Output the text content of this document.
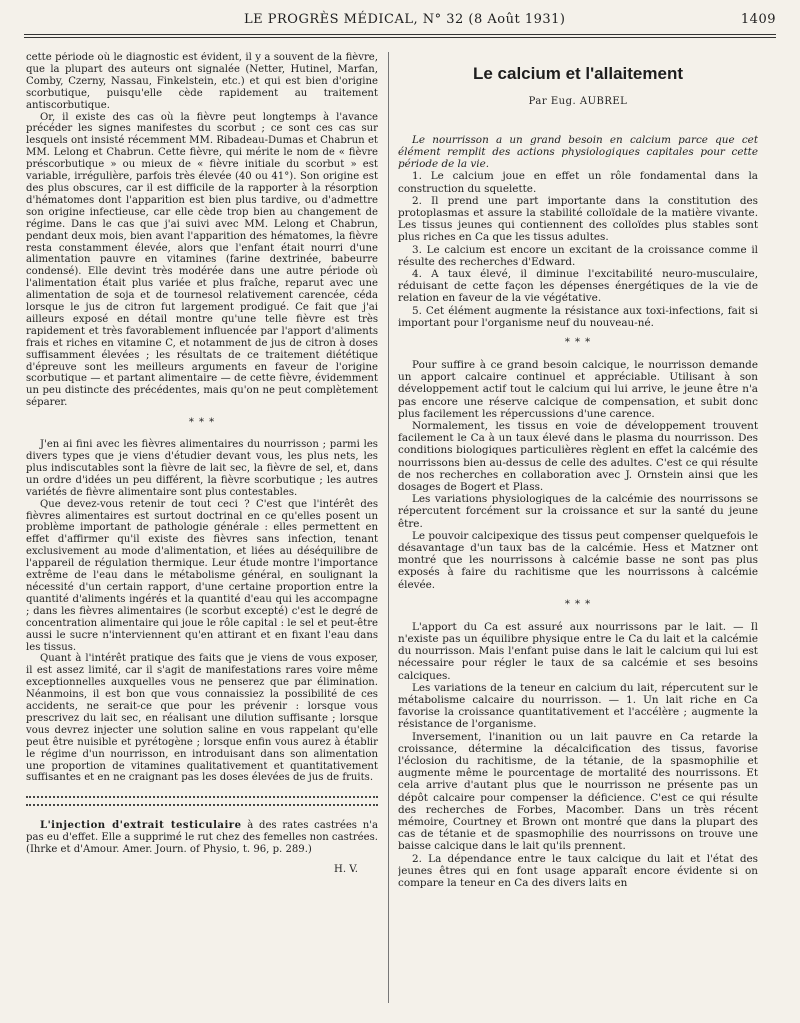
LE PROGRÈS MÉDICAL, N° 32 (8 Août 1931)	1409

cette période où le diagnostic est évident, il y a souvent de la fièvre, que la plupart des auteurs ont signalée (Netter, Hutinel, Marfan, Comby, Czerny, Nassau, Finkelstein, etc.) et qui est bien d'origine scorbutique, puisqu'elle cède rapidement au traitement antiscorbutique.

Or, il existe des cas où la fièvre peut longtemps à l'avance précéder les signes manifestes du scorbut ; ce sont ces cas sur lesquels ont insisté récemment MM. Ribadeau-Dumas et Chabrun et MM. Lelong et Chabrun. Cette fièvre, qui mérite le nom de « fièvre préscorbutique » ou mieux de « fièvre initiale du scorbut » est variable, irrégulière, parfois très élevée (40 ou 41°). Son origine est des plus obscures, car il est difficile de la rapporter à la résorption d'hématomes dont l'apparition est bien plus tardive, ou d'admettre son origine infectieuse, car elle cède trop bien au changement de régime. Dans le cas que j'ai suivi avec MM. Lelong et Chabrun, pendant deux mois, bien avant l'apparition des hématomes, la fièvre resta constamment élevée, alors que l'enfant était nourri d'une alimentation pauvre en vitamines (farine dextrinée, babeurre condensé). Elle devint très modérée dans une autre période où l'alimentation était plus variée et plus fraîche, reparut avec une alimentation de soja et de tournesol relativement carencée, céda lorsque le jus de citron fut largement prodigué. Ce fait que j'ai ailleurs exposé en détail montre qu'une telle fièvre est très rapidement et très favorablement influencée par l'apport d'aliments frais et riches en vitamine C, et notamment de jus de citron à doses suffisamment élevées ; les résultats de ce traitement diététique d'épreuve sont les meilleurs arguments en faveur de l'origine scorbutique — et partant alimentaire — de cette fièvre, évidemment un peu distincte des précédentes, mais qu'on ne peut complètement séparer.

* * *

J'en ai fini avec les fièvres alimentaires du nourrisson ; parmi les divers types que je viens d'étudier devant vous, les plus nets, les plus indiscutables sont la fièvre de lait sec, la fièvre de sel, et, dans un ordre d'idées un peu différent, la fièvre scorbutique ; les autres variétés de fièvre alimentaire sont plus contestables.

Que devez-vous retenir de tout ceci ? C'est que l'intérêt des fièvres alimentaires est surtout doctrinal en ce qu'elles posent un problème important de pathologie générale : elles permettent en effet d'affirmer qu'il existe des fièvres sans infection, tenant exclusivement au mode d'alimentation, et liées au déséquilibre de l'appareil de régulation thermique. Leur étude montre l'importance extrême de l'eau dans le métabolisme général, en soulignant la nécessité d'un certain rapport, d'une certaine proportion entre la quantité d'aliments ingérés et la quantité d'eau qui les accompagne ; dans les fièvres alimentaires (le scorbut excepté) c'est le degré de concentration alimentaire qui joue le rôle capital : le sel et peut-être aussi le sucre n'interviennent qu'en attirant et en fixant l'eau dans les tissus.

Quant à l'intérêt pratique des faits que je viens de vous exposer, il est assez limité, car il s'agit de manifestations rares voire même exceptionnelles auxquelles vous ne penserez que par élimination. Néanmoins, il est bon que vous connaissiez la possibilité de ces accidents, ne serait-ce que pour les prévenir : lorsque vous prescrivez du lait sec, en réalisant une dilution suffisante ; lorsque vous devrez injecter une solution saline en vous rappelant qu'elle peut être nuisible et pyrétogène ; lorsque enfin vous aurez à établir le régime d'un nourrisson, en introduisant dans son alimentation une proportion de vitamines qualitativement et quantitativement suffisantes et en ne craignant pas les doses élevées de jus de fruits.

L'injection d'extrait testiculaire à des rates castrées n'a pas eu d'effet. Elle a supprimé le rut chez des femelles non castrées. (Ihrke et d'Amour. Amer. Journ. of Physio, t. 96, p. 289.)

H. V.
Le calcium et l'allaitement
Par Eug. AUBREL

Le nourrisson a un grand besoin en calcium parce que cet élément remplit des actions physiologiques capitales pour cette période de la vie.

1. Le calcium joue en effet un rôle fondamental dans la construction du squelette.

2. Il prend une part importante dans la constitution des protoplasmas et assure la stabilité colloïdale de la matière vivante. Les tissus jeunes qui contiennent des colloïdes plus stables sont plus riches en Ca que les tissus adultes.

3. Le calcium est encore un excitant de la croissance comme il résulte des recherches d'Edward.

4. A taux élevé, il diminue l'excitabilité neuro-musculaire, réduisant de cette façon les dépenses énergétiques de la vie de relation en faveur de la vie végétative.

5. Cet élément augmente la résistance aux toxi-infections, fait si important pour l'organisme neuf du nouveau-né.

* * *

Pour suffire à ce grand besoin calcique, le nourrisson demande un apport calcaire continuel et appréciable. Utilisant à son développement actif tout le calcium qui lui arrive, le jeune être n'a pas encore une réserve calcique de compensation, et subit donc plus facilement les répercussions d'une carence.

Normalement, les tissus en voie de développement trouvent facilement le Ca à un taux élevé dans le plasma du nourrisson. Des conditions biologiques particulières règlent en effet la calcémie des nourrissons bien au-dessus de celle des adultes. C'est ce qui résulte de nos recherches en collaboration avec J. Ornstein ainsi que les dosages de Bogert et Plass.

Les variations physiologiques de la calcémie des nourrissons se répercutent forcément sur la croissance et sur la santé du jeune être.

Le pouvoir calcipexique des tissus peut compenser quelquefois le désavantage d'un taux bas de la calcémie. Hess et Matzner ont montré que les nourrissons à calcémie basse ne sont pas plus exposés à faire du rachitisme que les nourrissons à calcémie élevée.

* * *

L'apport du Ca est assuré aux nourrissons par le lait. — Il n'existe pas un équilibre physique entre le Ca du lait et la calcémie du nourrisson. Mais l'enfant puise dans le lait le calcium qui lui est nécessaire pour régler le taux de sa calcémie et ses besoins calciques.

Les variations de la teneur en calcium du lait, répercutent sur le métabolisme calcaire du nourrisson. — 1. Un lait riche en Ca favorise la croissance quantitativement et l'accélère ; augmente la résistance de l'organisme.

Inversement, l'inanition ou un lait pauvre en Ca retarde la croissance, détermine la décalcification des tissus, favorise l'éclosion du rachitisme, de la tétanie, de la spasmophilie et augmente même le pourcentage de mortalité des nourrissons. Et cela arrive d'autant plus que le nourrisson ne présente pas un dépôt calcaire pour compenser la déficience. C'est ce qui résulte des recherches de Forbes, Macomber. Dans un très récent mémoire, Courtney et Brown ont montré que dans la plupart des cas de tétanie et de spasmophilie des nourrissons on trouve une baisse calcique dans le lait qu'ils prennent.

2. La dépendance entre le taux calcique du lait et l'état des jeunes êtres qui en font usage apparaît encore évidente si on compare la teneur en Ca des divers laits en
